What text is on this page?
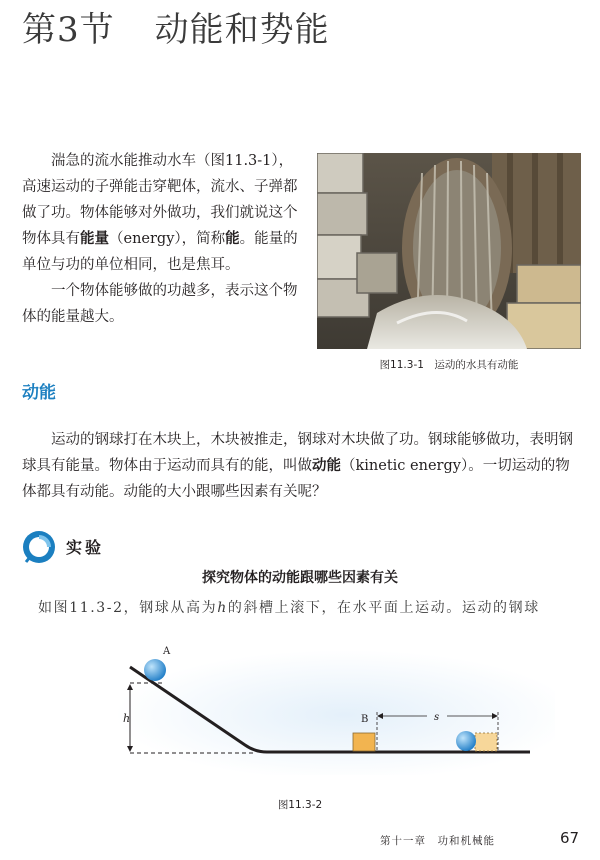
第3节 动能和势能

湍急的流水能推动水车（图11.3-1），高速运动的子弹能击穿靶体，流水、子弹都做了功。物体能够对外做功，我们就说这个物体具有能量（energy），简称能。能量的单位与功的单位相同，也是焦耳。

一个物体能够做的功越多，表示这个物体的能量越大。

图11.3-1　运动的水具有动能
动能

运动的钢球打在木块上，木块被推走，钢球对木块做了功。钢球能够做功，表明钢球具有能量。物体由于运动而具有的能，叫做动能（kinetic energy）。一切运动的物体都具有动能。动能的大小跟哪些因素有关呢？

实验
探究物体的动能跟哪些因素有关
如图11.3-2，钢球从高为h的斜槽上滚下，在水平面上运动。运动的钢球
h
A
B	s
图11.3-2
第十一章　功和机械能	67
